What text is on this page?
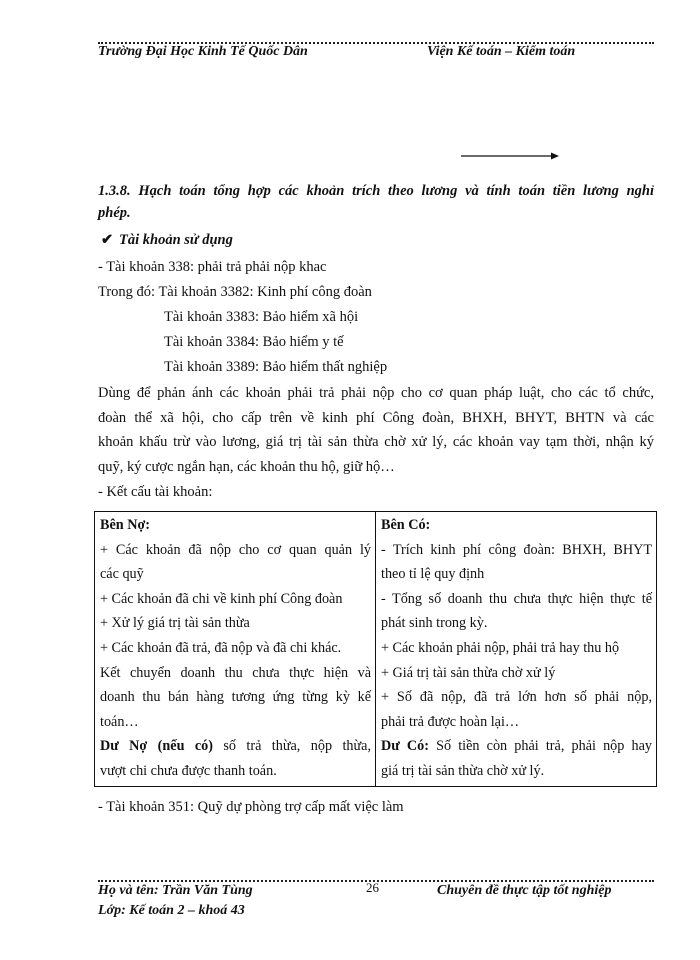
Trường Đại Học Kinh Tế Quốc Dân	Viện Kế toán – Kiểm toán
1.3.8. Hạch toán tổng hợp các khoản trích theo lương và tính toán tiền lương nghỉ
phép.
✔ Tài khoản sử dụng
- Tài khoản 338: phải trả phải nộp khac
Trong đó: Tài khoản 3382: Kinh phí công đoàn
Tài khoản 3383: Bảo hiểm xã hội
Tài khoản 3384: Bảo hiểm y tế
Tài khoản 3389: Bảo hiểm thất nghiệp
Dùng để phản ánh các khoản phải trả phải nộp cho cơ quan pháp luật, cho các tổ chức,
đoàn thể xã hội, cho cấp trên về kinh phí Công đoàn, BHXH, BHYT, BHTN và các
khoản khấu trừ vào lương, giá trị tài sản thừa chờ xử lý, các khoản vay tạm thời, nhận ký
quỹ, ký cược ngắn hạn, các khoản thu hộ, giữ hộ…
- Kết cấu tài khoản:
Bên Nợ:
+ Các khoản đã nộp cho cơ quan quản lý
các quỹ
+ Các khoản đã chi về kinh phí Công đoàn
+ Xử lý giá trị tài sản thừa
+ Các khoản đã trả, đã nộp và đã chi khác.
Kết chuyển doanh thu chưa thực hiện và
doanh thu bán hàng tương ứng từng kỳ kế
toán…
Dư Nợ (nếu có) số trả thừa, nộp thừa,
vượt chi chưa được thanh toán.

Bên Có:
- Trích kinh phí công đoàn: BHXH, BHYT
theo tỉ lệ quy định
- Tổng số doanh thu chưa thực hiện thực tế
phát sinh trong kỳ.
+ Các khoản phải nộp, phải trả hay thu hộ
+ Giá trị tài sản thừa chờ xử lý
+ Số đã nộp, đã trả lớn hơn số phải nộp,
phải trả được hoàn lại…
Dư Có: Số tiền còn phải trả, phải nộp hay
giá trị tài sản thừa chờ xử lý.
- Tài khoản 351: Quỹ dự phòng trợ cấp mất việc làm
Họ và tên: Trần Văn Tùng
Lớp: Kế toán 2 – khoá 43
26	Chuyên đề thực tập tốt nghiệp
